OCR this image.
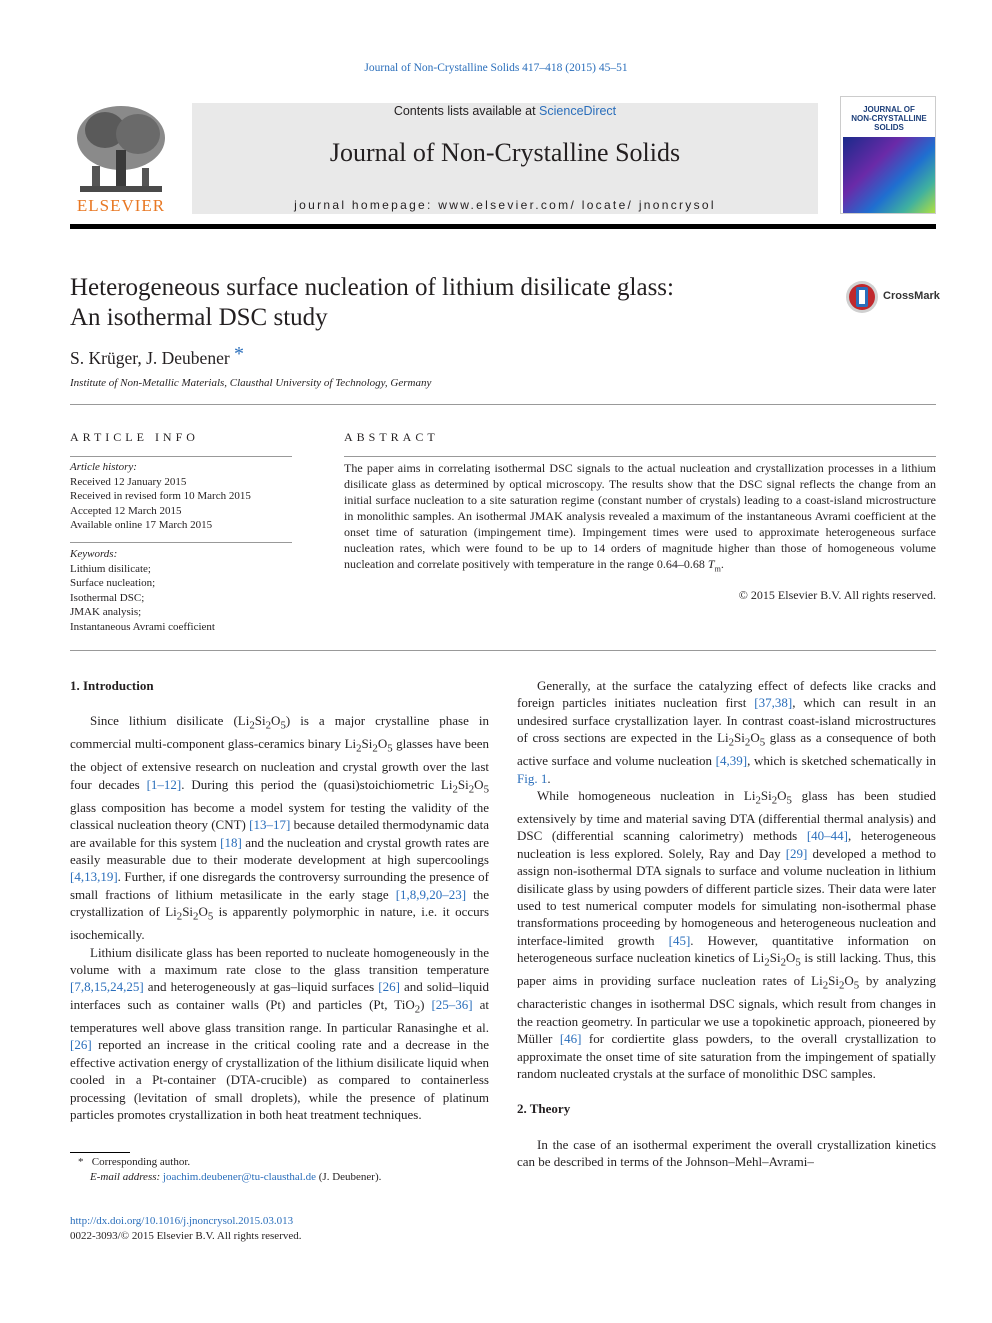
Journal of Non-Crystalline Solids 417–418 (2015) 45–51
ELSEVIER
Contents lists available at ScienceDirect
Journal of Non-Crystalline Solids
journal homepage: www.elsevier.com/ locate/ jnoncrysol
JOURNAL OF
NON-CRYSTALLINE SOLIDS
Heterogeneous surface nucleation of lithium disilicate glass:
An isothermal DSC study
CrossMark
S. Krüger, J. Deubener *
Institute of Non-Metallic Materials, Clausthal University of Technology, Germany
ARTICLE INFO
Article history:
Received 12 January 2015
Received in revised form 10 March 2015
Accepted 12 March 2015
Available online 17 March 2015
Keywords:
Lithium disilicate;
Surface nucleation;
Isothermal DSC;
JMAK analysis;
Instantaneous Avrami coefficient
ABSTRACT
The paper aims in correlating isothermal DSC signals to the actual nucleation and crystallization processes in a lithium disilicate glass as determined by optical microscopy. The results show that the DSC signal reflects the change from an initial surface nucleation to a site saturation regime (constant number of crystals) leading to a coast-island microstructure in monolithic samples. An isothermal JMAK analysis revealed a maximum of the instantaneous Avrami coefficient at the onset time of saturation (impingement time). Impingement times were used to approximate heterogeneous surface nucleation rates, which were found to be up to 14 orders of magnitude higher than those of homogeneous volume nucleation and correlate positively with temperature in the range 0.64–0.68 $T_m$.
© 2015 Elsevier B.V. All rights reserved.
1. Introduction

Since lithium disilicate $(Li_2Si_2O_5)$ is a major crystalline phase in commercial multi-component glass-ceramics binary $Li_2Si_2O_5$ glasses have been the object of extensive research on nucleation and crystal growth over the last four decades [1–12]. During this period the (quasi)stoichiometric $Li_2Si_2O_5$ glass composition has become a model system for testing the validity of the classical nucleation theory (CNT) [13–17] because detailed thermodynamic data are available for this system [18] and the nucleation and crystal growth rates are easily measurable due to their moderate development at high supercoolings [4,13,19]. Further, if one disregards the controversy surrounding the presence of small fractions of lithium metasilicate in the early stage [1,8,9,20–23] the crystallization of $Li_2Si_2O_5$ is apparently polymorphic in nature, i.e. it occurs isochemically.

Lithium disilicate glass has been reported to nucleate homogeneously in the volume with a maximum rate close to the glass transition temperature [7,8,15,24,25] and heterogeneously at gas–liquid surfaces [26] and solid–liquid interfaces such as container walls (Pt) and particles (Pt, TiO$_2$) [25–36] at temperatures well above glass transition range. In particular Ranasinghe et al. [26] reported an increase in the critical cooling rate and a decrease in the effective activation energy of crystallization of the lithium disilicate liquid when cooled in a Pt-container (DTA-crucible) as compared to containerless processing (levitation of small droplets), while the presence of platinum particles promotes crystallization in both heat treatment techniques.

Generally, at the surface the catalyzing effect of defects like cracks and foreign particles initiates nucleation first [37,38], which can result in an undesired surface crystallization layer. In contrast coast-island microstructures of cross sections are expected in the $Li_2Si_2O_5$ glass as a consequence of both active surface and volume nucleation [4,39], which is sketched schematically in Fig. 1.

While homogeneous nucleation in $Li_2Si_2O_5$ glass has been studied extensively by time and material saving DTA (differential thermal analysis) and DSC (differential scanning calorimetry) methods [40–44], heterogeneous nucleation is less explored. Solely, Ray and Day [29] developed a method to assign non-isothermal DTA signals to surface and volume nucleation in lithium disilicate glass by using powders of different particle sizes. Their data were later used to test numerical computer models for simulating non-isothermal phase transformations proceeding by homogeneous and heterogeneous nucleation and interface-limited growth [45]. However, quantitative information on heterogeneous surface nucleation kinetics of $Li_2Si_2O_5$ is still lacking. Thus, this paper aims in providing surface nucleation rates of $Li_2Si_2O_5$ by analyzing characteristic changes in isothermal DSC signals, which result from changes in the reaction geometry. In particular we use a topokinetic approach, pioneered by Müller [46] for cordiertite glass powders, to the overall crystallization to approximate the onset time of site saturation from the impingement of spatially random nucleated crystals at the surface of monolithic DSC samples.

2. Theory

In the case of an isothermal experiment the overall crystallization kinetics can be described in terms of the Johnson–Mehl–Avrami–

* Corresponding author.
E-mail address: joachim.deubener@tu-clausthal.de (J. Deubener).
http://dx.doi.org/10.1016/j.jnoncrysol.2015.03.013
0022-3093/© 2015 Elsevier B.V. All rights reserved.
